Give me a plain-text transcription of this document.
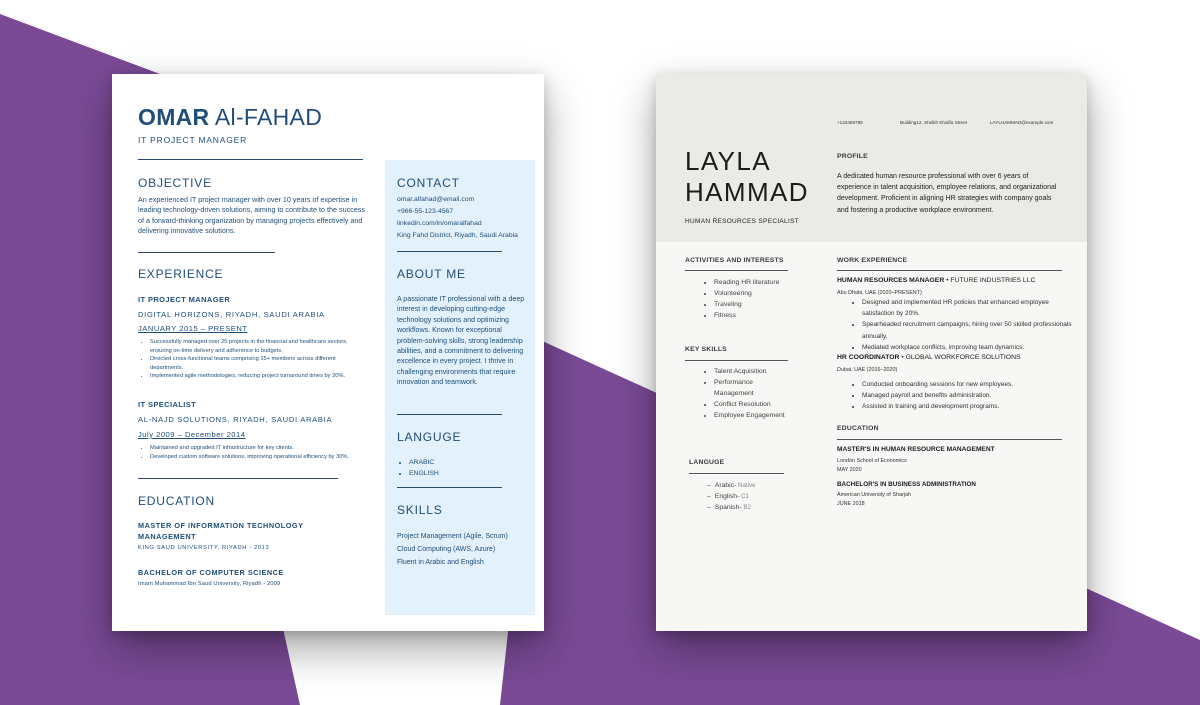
OMAR Al-FAHAD
IT PROJECT MANAGER
OBJECTIVE
An experienced IT project manager with over 10 years of expertise in leading technology-driven solutions, aiming to contribute to the success of a forward-thinking organization by managing projects effectively and delivering innovative solutions.
EXPERIENCE
IT PROJECT MANAGER
DIGITAL HORIZONS, RIYADH, SAUDI ARABIA
JANUARY 2015 – PRESENT
• Successfully managed over 25 projects in the financial and healthcare sectors, ensuring on-time delivery and adherence to budgets.
• Directed cross-functional teams comprising 15+ members across different departments.
• Implemented agile methodologies, reducing project turnaround times by 20%.
IT SPECIALIST
AL-NAJD SOLUTIONS, RIYADH, SAUDI ARABIA
July 2009 – December 2014
• Maintained and upgraded IT infrastructure for key clients.
• Developed custom software solutions, improving operational efficiency by 30%.
EDUCATION
MASTER OF INFORMATION TECHNOLOGY MANAGEMENT
KING SAUD UNIVERSITY, RIYADH - 2013
BACHELOR OF COMPUTER SCIENCE
Imam Muhammad Ibn Saud University, Riyadh - 2009
CONTACT
omar.alfahad@email.com
+966-55-123-4567
linkedin.com/in/omaralfahad
King Fahd District, Riyadh, Saudi Arabia
ABOUT ME
A passionate IT professional with a deep interest in developing cutting-edge technology solutions and optimizing workflows. Known for exceptional problem-solving skills, strong leadership abilities, and a commitment to delivering excellence in every project. I thrive in challenging environments that require innovation and teamwork.
LANGUGE
• ARABIC
• ENGLISH
SKILLS
Project Management (Agile, Scrum)
Cloud Computing (AWS, Azure)
Fluent in Arabic and English
+123456789	Building12, Sheikh Khalifa Street	LAYLHAMMAD@example.com
LAYLA
HAMMAD
HUMAN RESOURCES SPECIALIST
PROFILE
A dedicated human resource professional with over 6 years of experience in talent acquisition, employee relations, and organizational development. Proficient in aligning HR strategies with company goals and fostering a productive workplace environment.
ACTIVITIES AND INTERESTS
• Reading HR literature
• Volunteering
• Traveling
• Fitness
KEY SKILLS
• Talent Acquisition
• Performance Management
• Conflict Resolution
• Employee Engagement
LANGUGE
– Arabic- Native
– English- C1
– Spanish- B2
WORK EXPERIENCE
HUMAN RESOURCES MANAGER • FUTURE INDUSTRIES LLC
Abu Dhabi, UAE (2020–PRESENT)
• Designed and implemented HR policies that enhanced employee satisfaction by 20%.
• Spearheaded recruitment campaigns, hiring over 50 skilled professionals annually.
• Mediated workplace conflicts, improving team dynamics.
HR COORDINATOR • GLOBAL WORKFORCE SOLUTIONS
Dubai, UAE (2016–2020)
• Conducted onboarding sessions for new employees.
• Managed payroll and benefits administration.
• Assisted in training and development programs.
EDUCATION
MASTER'S IN HUMAN RESOURCE MANAGEMENT
London School of Economics
MAY 2020
BACHELOR'S IN BUSINESS ADMINISTRATION
American University of Sharjah
JUNE 2018
